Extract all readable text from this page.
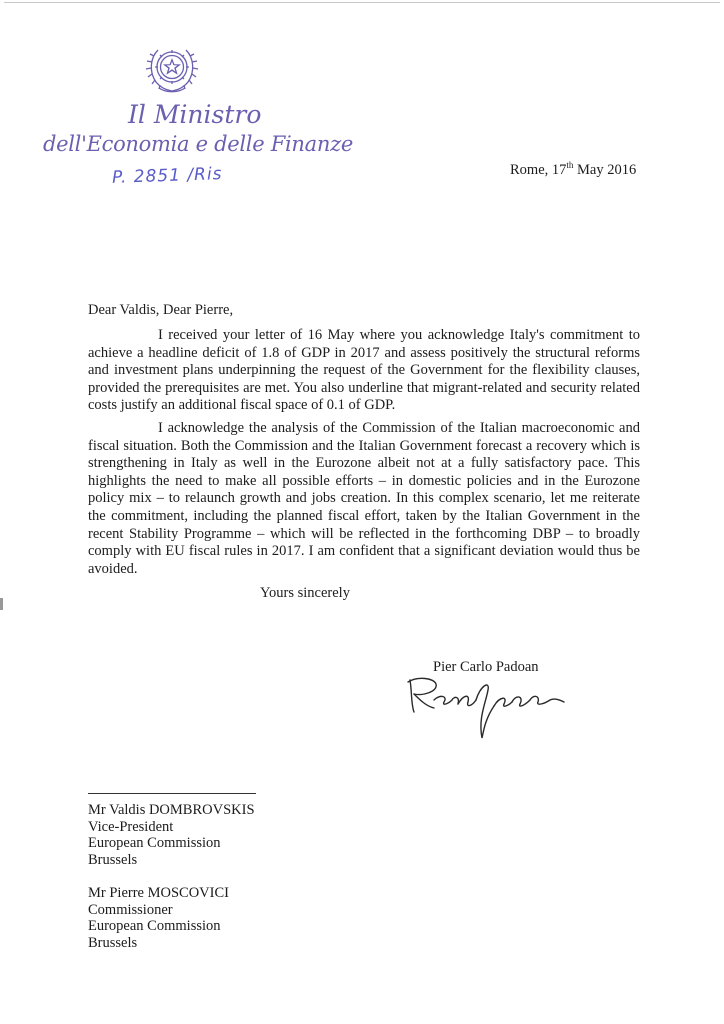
Il Ministro
dell'Economia e delle Finanze
P. 2851 /Ris	Rome, 17th May 2016
Dear Valdis, Dear Pierre,

I received your letter of 16 May where you acknowledge Italy's commitment to achieve a headline deficit of 1.8 of GDP in 2017 and assess positively the structural reforms and investment plans underpinning the request of the Government for the flexibility clauses, provided the prerequisites are met. You also underline that migrant-related and security related costs justify an additional fiscal space of 0.1 of GDP.

I acknowledge the analysis of the Commission of the Italian macroeconomic and fiscal situation. Both the Commission and the Italian Government forecast a recovery which is strengthening in Italy as well in the Eurozone albeit not at a fully satisfactory pace. This highlights the need to make all possible efforts – in domestic policies and in the Eurozone policy mix – to relaunch growth and jobs creation. In this complex scenario, let me reiterate the commitment, including the planned fiscal effort, taken by the Italian Government in the recent Stability Programme – which will be reflected in the forthcoming DBP – to broadly comply with EU fiscal rules in 2017. I am confident that a significant deviation would thus be avoided.

Yours sincerely
Pier Carlo Padoan
Mr Valdis DOMBROVSKIS
Vice-President
European Commission
Brussels
Mr Pierre MOSCOVICI
Commissioner
European Commission
Brussels
